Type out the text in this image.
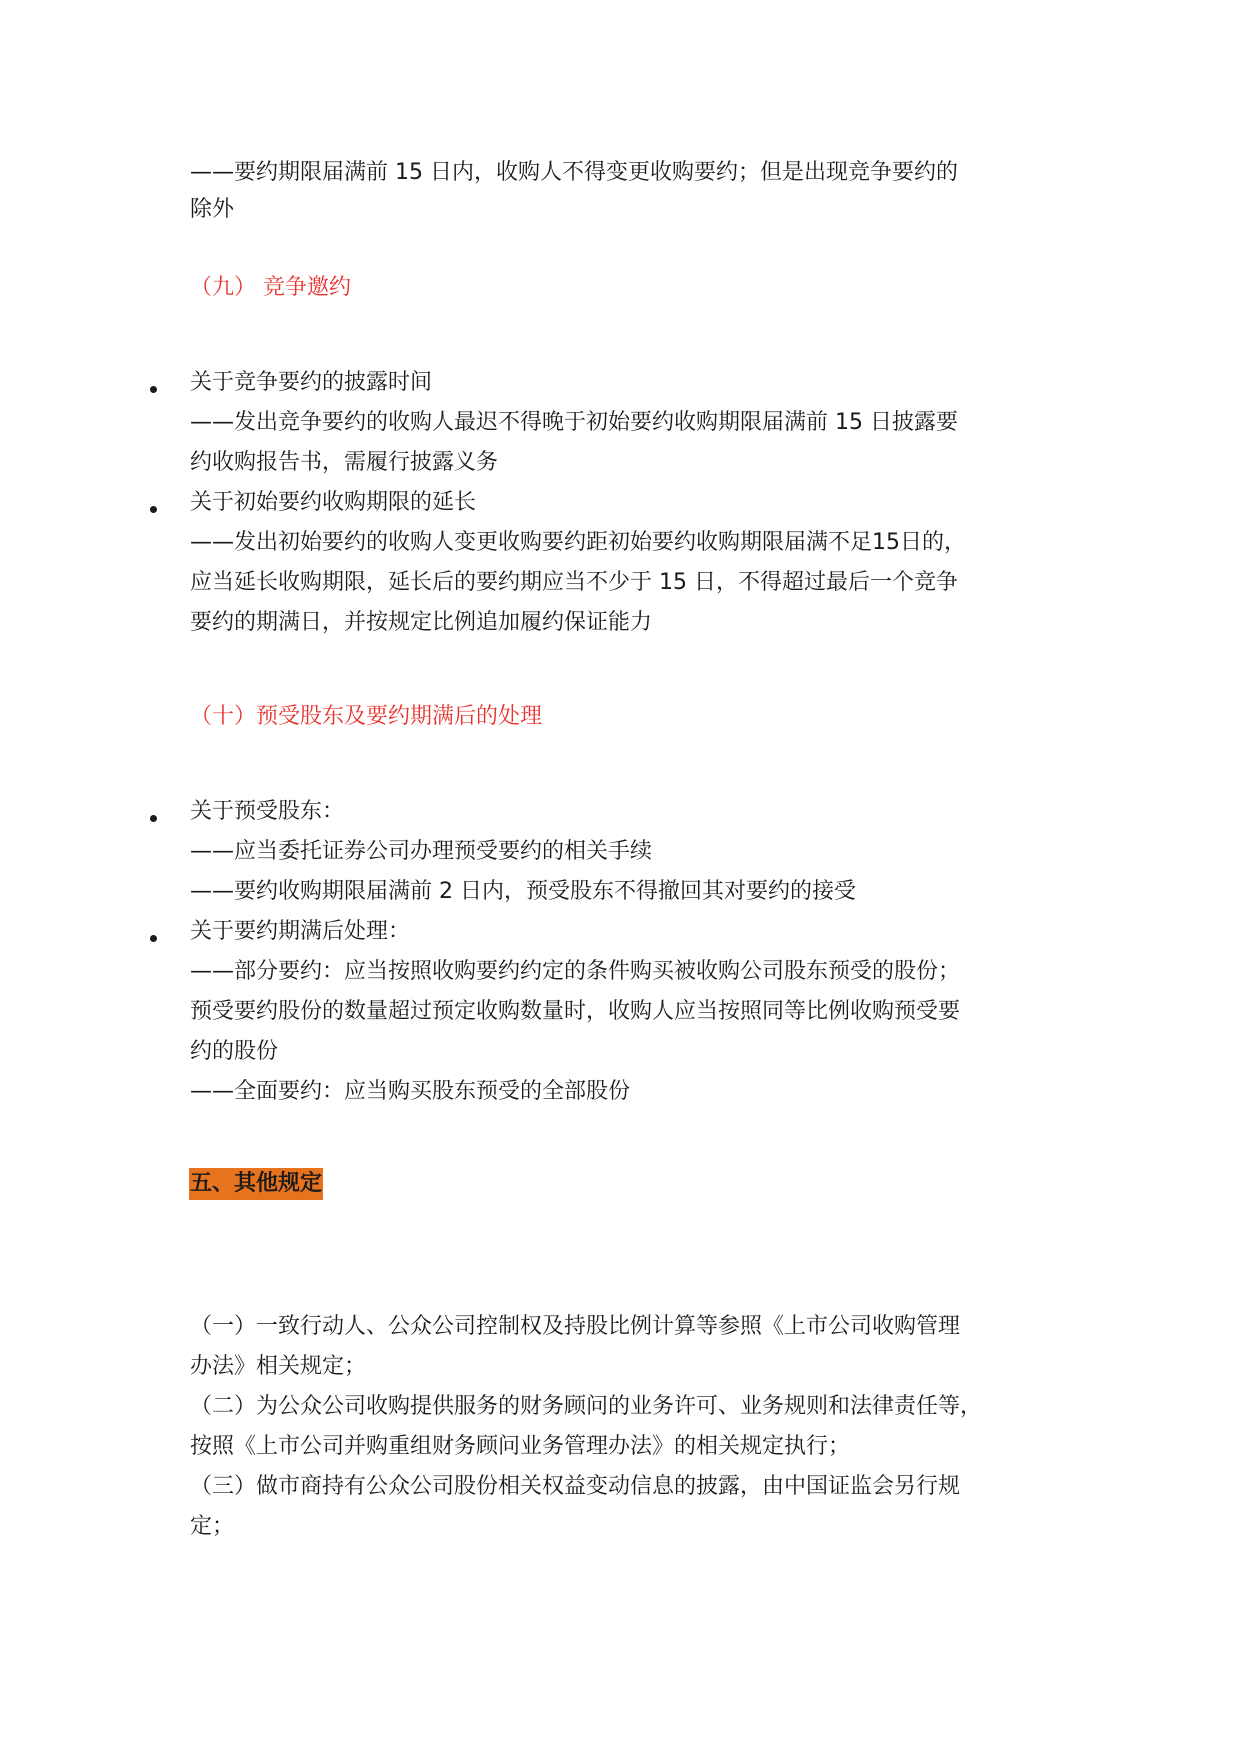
——要约期限届满前 15 日内，收购人不得变更收购要约；但是出现竞争要约的

除外

（九） 竞争邀约

关于竞争要约的披露时间

——发出竞争要约的收购人最迟不得晚于初始要约收购期限届满前 15 日披露要

约收购报告书，需履行披露义务

关于初始要约收购期限的延长

——发出初始要约的收购人变更收购要约距初始要约收购期限届满不足15日的，

应当延长收购期限，延长后的要约期应当不少于 15 日，不得超过最后一个竞争

要约的期满日，并按规定比例追加履约保证能力

（十）预受股东及要约期满后的处理

关于预受股东：

——应当委托证券公司办理预受要约的相关手续

——要约收购期限届满前 2 日内，预受股东不得撤回其对要约的接受

关于要约期满后处理：

——部分要约：应当按照收购要约约定的条件购买被收购公司股东预受的股份；

预受要约股份的数量超过预定收购数量时，收购人应当按照同等比例收购预受要

约的股份

——全面要约：应当购买股东预受的全部股份

五、其他规定

（一）一致行动人、公众公司控制权及持股比例计算等参照《上市公司收购管理

办法》相关规定；

（二）为公众公司收购提供服务的财务顾问的业务许可、业务规则和法律责任等，

按照《上市公司并购重组财务顾问业务管理办法》的相关规定执行；

（三）做市商持有公众公司股份相关权益变动信息的披露，由中国证监会另行规

定；
